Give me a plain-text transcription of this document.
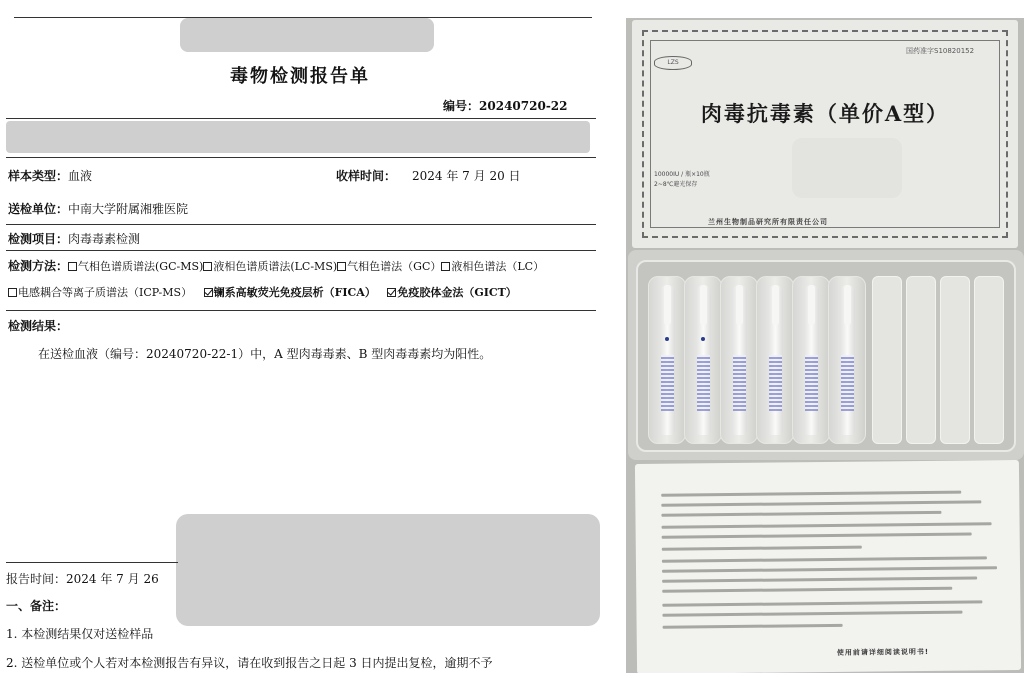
毒物检测报告单
编号：20240720-22
样本类型：血液	收样时间： 2024 年 7 月 20 日
送检单位：中南大学附属湘雅医院
检测项目：肉毒毒素检测
检测方法： 气相色谱质谱法(GC-MS) 液相色谱质谱法(LC-MS) 气相色谱法（GC） 液相色谱法（LC）
电感耦合等离子质谱法（ICP-MS） 镧系高敏荧光免疫层析（FICA） 免疫胶体金法（GICT）
检测结果：
在送检血液（编号：20240720-22-1）中，A 型肉毒毒素、B 型肉毒毒素均为阳性。
报告时间：2024 年 7 月 26
一、备注：
1. 本检测结果仅对送检样品
2. 送检单位或个人若对本检测报告有异议，请在收到报告之日起 3 日内提出复检，逾期不予
国药准字S10820152
LZS
肉毒抗毒素（单价A型）
10000IU / 瓶×10瓶
2~8℃避光保存
兰州生物制品研究所有限责任公司
使用前请详细阅读说明书!
